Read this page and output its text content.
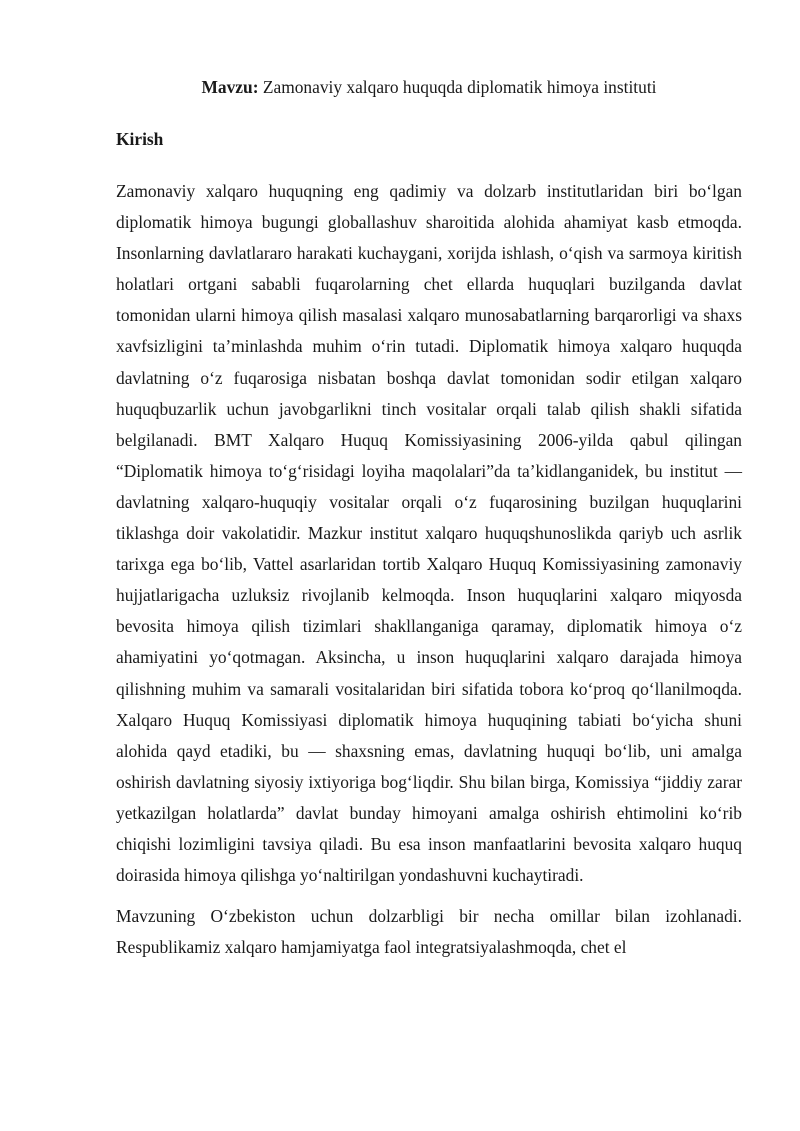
Mavzu: Zamonaviy xalqaro huquqda diplomatik himoya instituti

Kirish

Zamonaviy xalqaro huquqning eng qadimiy va dolzarb institutlaridan biri bo‘lgan diplomatik himoya bugungi globallashuv sharoitida alohida ahamiyat kasb etmoqda. Insonlarning davlatlararo harakati kuchaygani, xorijda ishlash, o‘qish va sarmoya kiritish holatlari ortgani sababli fuqarolarning chet ellarda huquqlari buzilganda davlat tomonidan ularni himoya qilish masalasi xalqaro munosabatlarning barqarorligi va shaxs xavfsizligini ta’minlashda muhim o‘rin tutadi. Diplomatik himoya xalqaro huquqda davlatning o‘z fuqarosiga nisbatan boshqa davlat tomonidan sodir etilgan xalqaro huquqbuzarlik uchun javobgarlikni tinch vositalar orqali talab qilish shakli sifatida belgilanadi. BMT Xalqaro Huquq Komissiyasining 2006-yilda qabul qilingan “Diplomatik himoya to‘g‘risidagi loyiha maqolalari”da ta’kidlanganidek, bu institut — davlatning xalqaro-huquqiy vositalar orqali o‘z fuqarosining buzilgan huquqlarini tiklashga doir vakolatidir. Mazkur institut xalqaro huquqshunoslikda qariyb uch asrlik tarixga ega bo‘lib, Vattel asarlaridan tortib Xalqaro Huquq Komissiyasining zamonaviy hujjatlarigacha uzluksiz rivojlanib kelmoqda. Inson huquqlarini xalqaro miqyosda bevosita himoya qilish tizimlari shakllanganiga qaramay, diplomatik himoya o‘z ahamiyatini yo‘qotmagan. Aksincha, u inson huquqlarini xalqaro darajada himoya qilishning muhim va samarali vositalaridan biri sifatida tobora ko‘proq qo‘llanilmoqda. Xalqaro Huquq Komissiyasi diplomatik himoya huquqining tabiati bo‘yicha shuni alohida qayd etadiki, bu — shaxsning emas, davlatning huquqi bo‘lib, uni amalga oshirish davlatning siyosiy ixtiyoriga bog‘liqdir. Shu bilan birga, Komissiya “jiddiy zarar yetkazilgan holatlarda” davlat bunday himoyani amalga oshirish ehtimolini ko‘rib chiqishi lozimligini tavsiya qiladi. Bu esa inson manfaatlarini bevosita xalqaro huquq doirasida himoya qilishga yo‘naltirilgan yondashuvni kuchaytiradi.

Mavzuning O‘zbekiston uchun dolzarbligi bir necha omillar bilan izohlanadi. Respublikamiz xalqaro hamjamiyatga faol integratsiyalashmoqda, chet el
